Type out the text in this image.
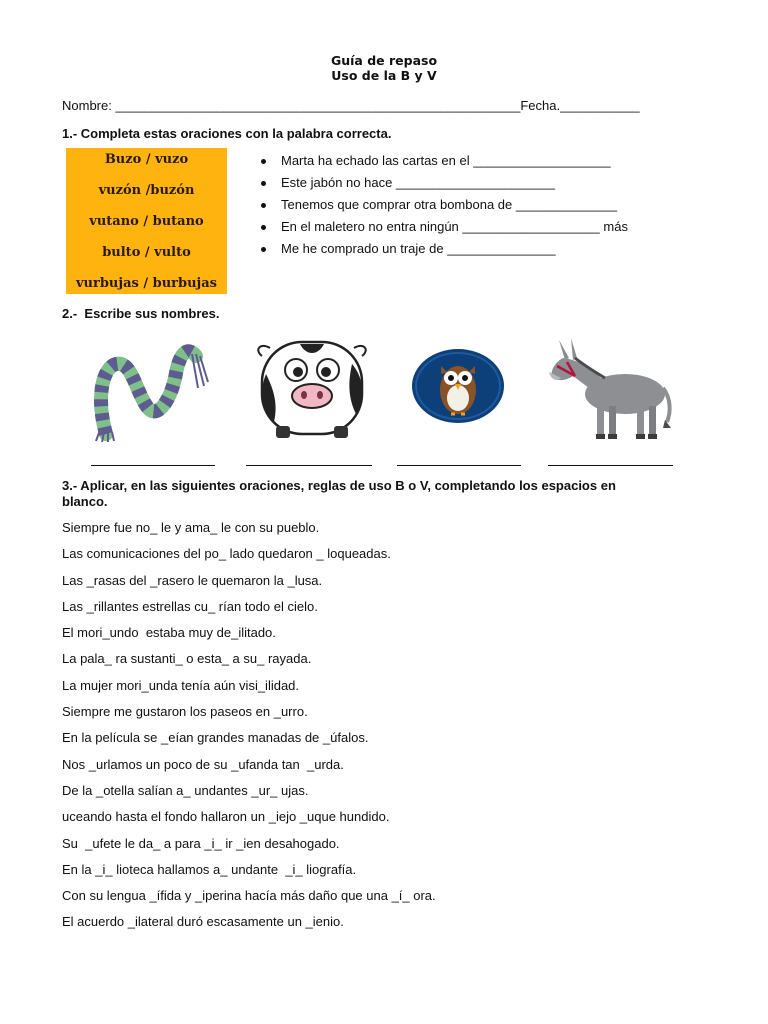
Guía de repaso
Uso de la B y V
Nombre: ________________________________________________________Fecha.___________
1.- Completa estas oraciones con la palabra correcta.
Buzo / vuzo
vuzón /buzón
vutano / butano
bulto / vulto
vurbujas / burbujas
Marta ha echado las cartas en el ___________________
Este jabón no hace ______________________
Tenemos que comprar otra bombona de ______________
En el maletero no entra ningún ___________________ más
Me he comprado un traje de _______________
2.-  Escribe sus nombres.
3.- Aplicar, en las siguientes oraciones, reglas de uso B o V, completando los espacios en
blanco.
Siempre fue no_ le y ama_ le con su pueblo.
Las comunicaciones del po_ lado quedaron _ loqueadas.
Las _rasas del _rasero le quemaron la _lusa.
Las _rillantes estrellas cu_ rían todo el cielo.
El mori_undo  estaba muy de_ilitado.
La pala_ ra sustanti_ o esta_ a su_ rayada.
La mujer mori_unda tenía aún visi_ilidad.
Siempre me gustaron los paseos en _urro.
En la película se _eían grandes manadas de _úfalos.
Nos _urlamos un poco de su _ufanda tan  _urda.
De la _otella salían a_ undantes _ur_ ujas.
uceando hasta el fondo hallaron un _iejo _uque hundido.
Su  _ufete le da_ a para _i_ ir _ien desahogado.
En la _i_ lioteca hallamos a_ undante  _i_ liografía.
Con su lengua _ífida y _iperina hacía más daño que una _í_ ora.
El acuerdo _ilateral duró escasamente un _ienio.
